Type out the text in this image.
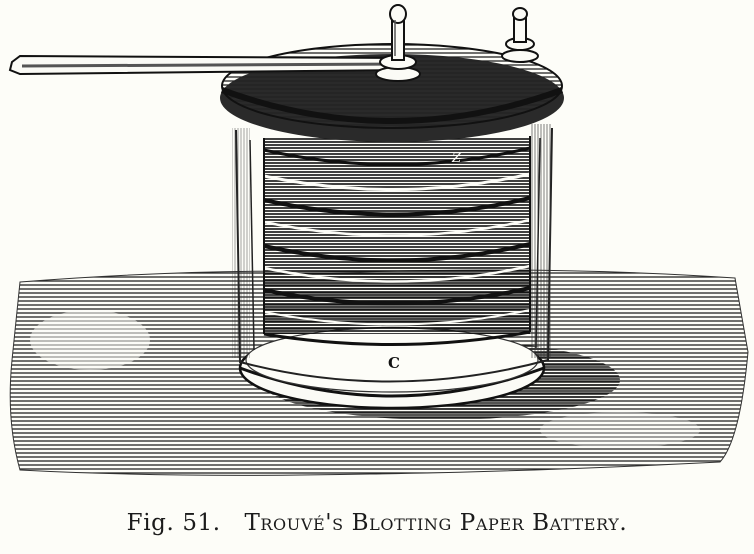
Z
C
Fig. 51. Trouvé's Blotting Paper Battery.
